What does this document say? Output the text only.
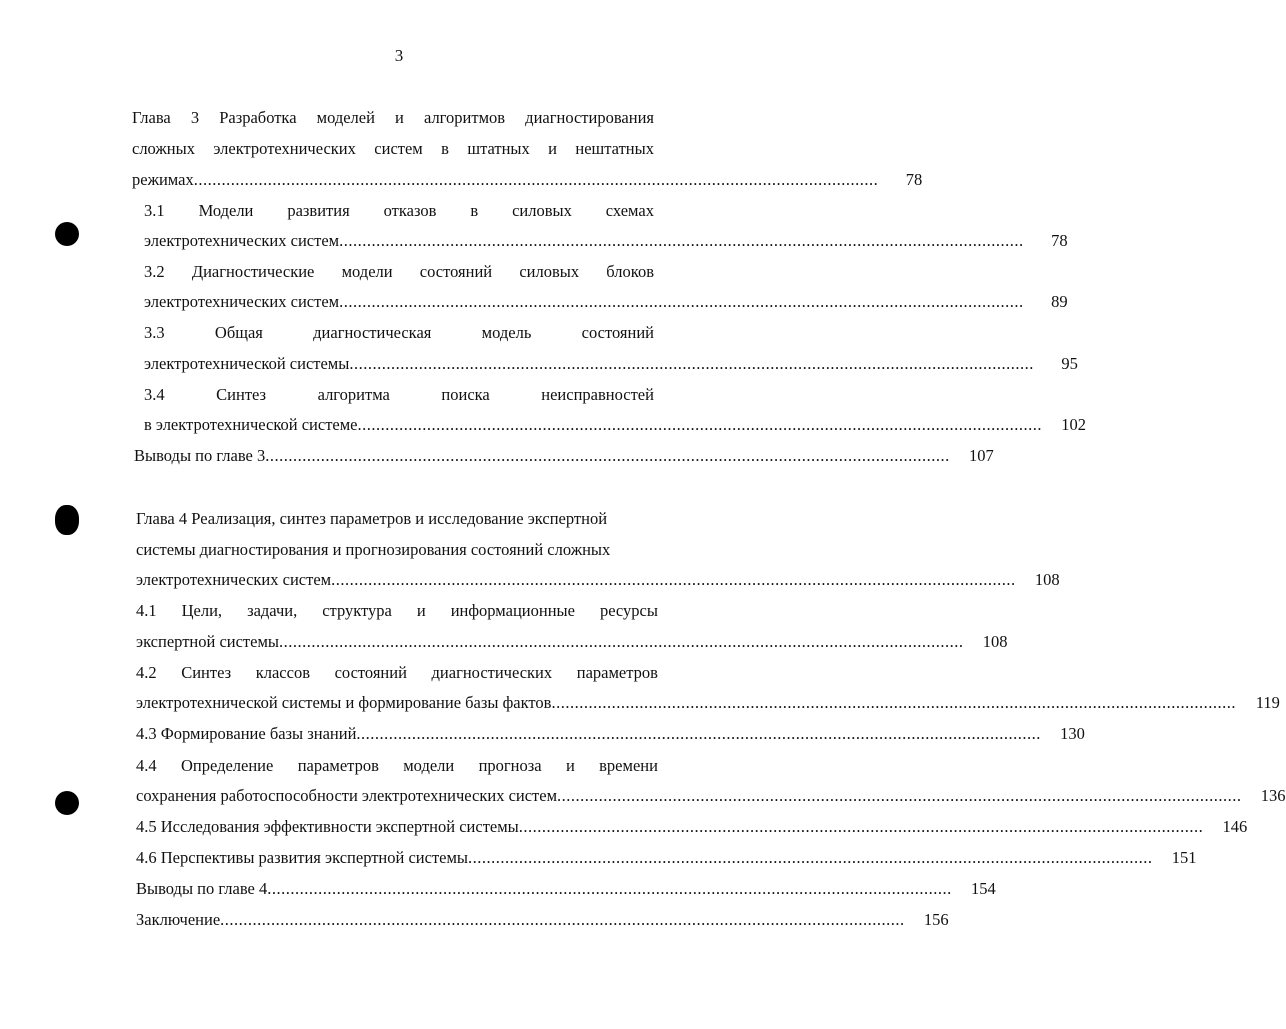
3
Глава 3 Разработка моделей и алгоритмов диагностирования
сложных электротехнических систем в штатных и нештатных
режимах ....................................................................................................................................................	78
3.1 Модели развития отказов в силовых схемах
электротехнических систем ....................................................................................................................................................	78
3.2 Диагностические модели состояний силовых блоков
электротехнических систем ....................................................................................................................................................	89
3.3	Общая	диагностическая	модель	состояний
электротехнической системы ....................................................................................................................................................	95
3.4	Синтез	алгоритма	поиска	неисправностей
в электротехнической системе ....................................................................................................................................................	102
Выводы по главе 3 ....................................................................................................................................................	107
Глава 4 Реализация, синтез параметров и исследование экспертной
системы диагностирования и прогнозирования состояний сложных
электротехнических систем ....................................................................................................................................................	108
4.1 Цели, задачи, структура и информационные ресурсы
экспертной системы ....................................................................................................................................................	108
4.2 Синтез классов состояний диагностических параметров
электротехнической системы и формирование базы фактов ....................................................................................................................................................	119
4.3 Формирование базы знаний ....................................................................................................................................................	130
4.4 Определение параметров модели прогноза и времени
сохранения работоспособности электротехнических систем ....................................................................................................................................................	136
4.5 Исследования эффективности экспертной системы ....................................................................................................................................................	146
4.6 Перспективы развития экспертной системы ....................................................................................................................................................	151
Выводы по главе 4 ....................................................................................................................................................	154
Заключение ....................................................................................................................................................	156
